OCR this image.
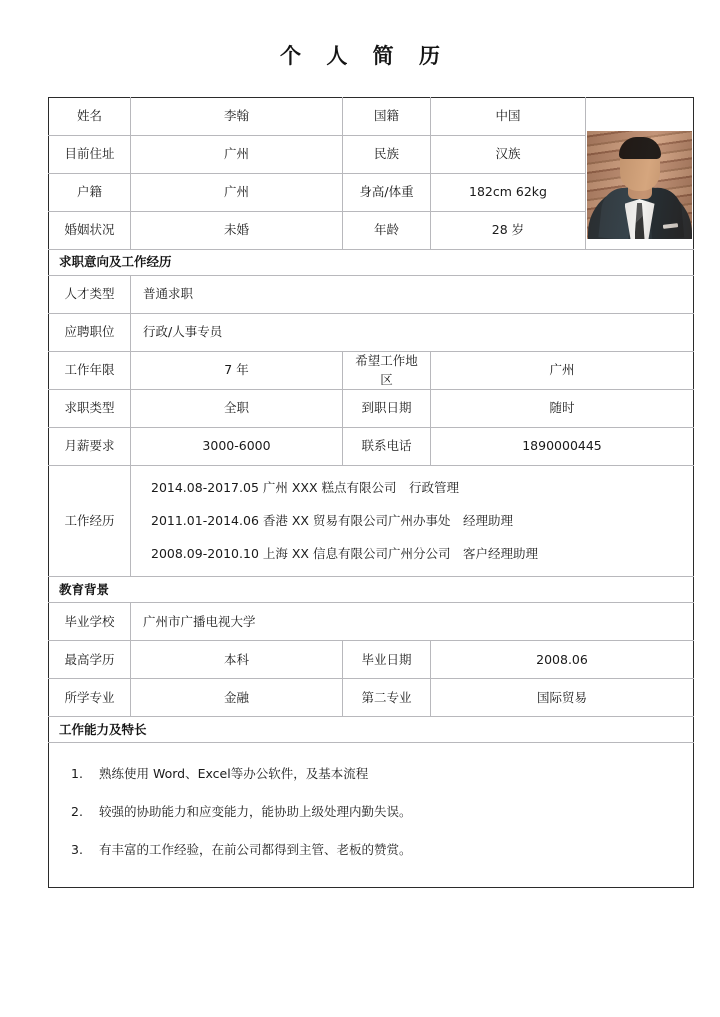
个 人 简 历
姓名	李翰	国籍	中国	

目前住址	广州	民族	汉族	
户籍	广州	身高/体重	182cm 62kg	
婚姻状况	未婚	年龄	28 岁	
求职意向及工作经历				
人才类型	普通求职			
应聘职位	行政/人事专员			
工作年限	7 年	希望工作地区	广州	
求职类型	全职	到职日期	随时	
月薪要求	3000-6000	联系电话	1890000445	
工作经历	2014.08-2017.05 广州 XXX 糕点有限公司　行政管理
2011.01-2014.06 香港 XX 贸易有限公司广州办事处　经理助理
2008.09-2010.10 上海 XX 信息有限公司广州分公司　客户经理助理			

教育背景				
毕业学校	广州市广播电视大学			
最高学历	本科	毕业日期	2008.06	
所学专业	金融	第二专业	国际贸易	
工作能力及特长				

1. 熟练使用 Word、Excel等办公软件，及基本流程
2. 较强的协助能力和应变能力，能协助上级处理内勤失误。
3. 有丰富的工作经验，在前公司都得到主管、老板的赞赏。				
